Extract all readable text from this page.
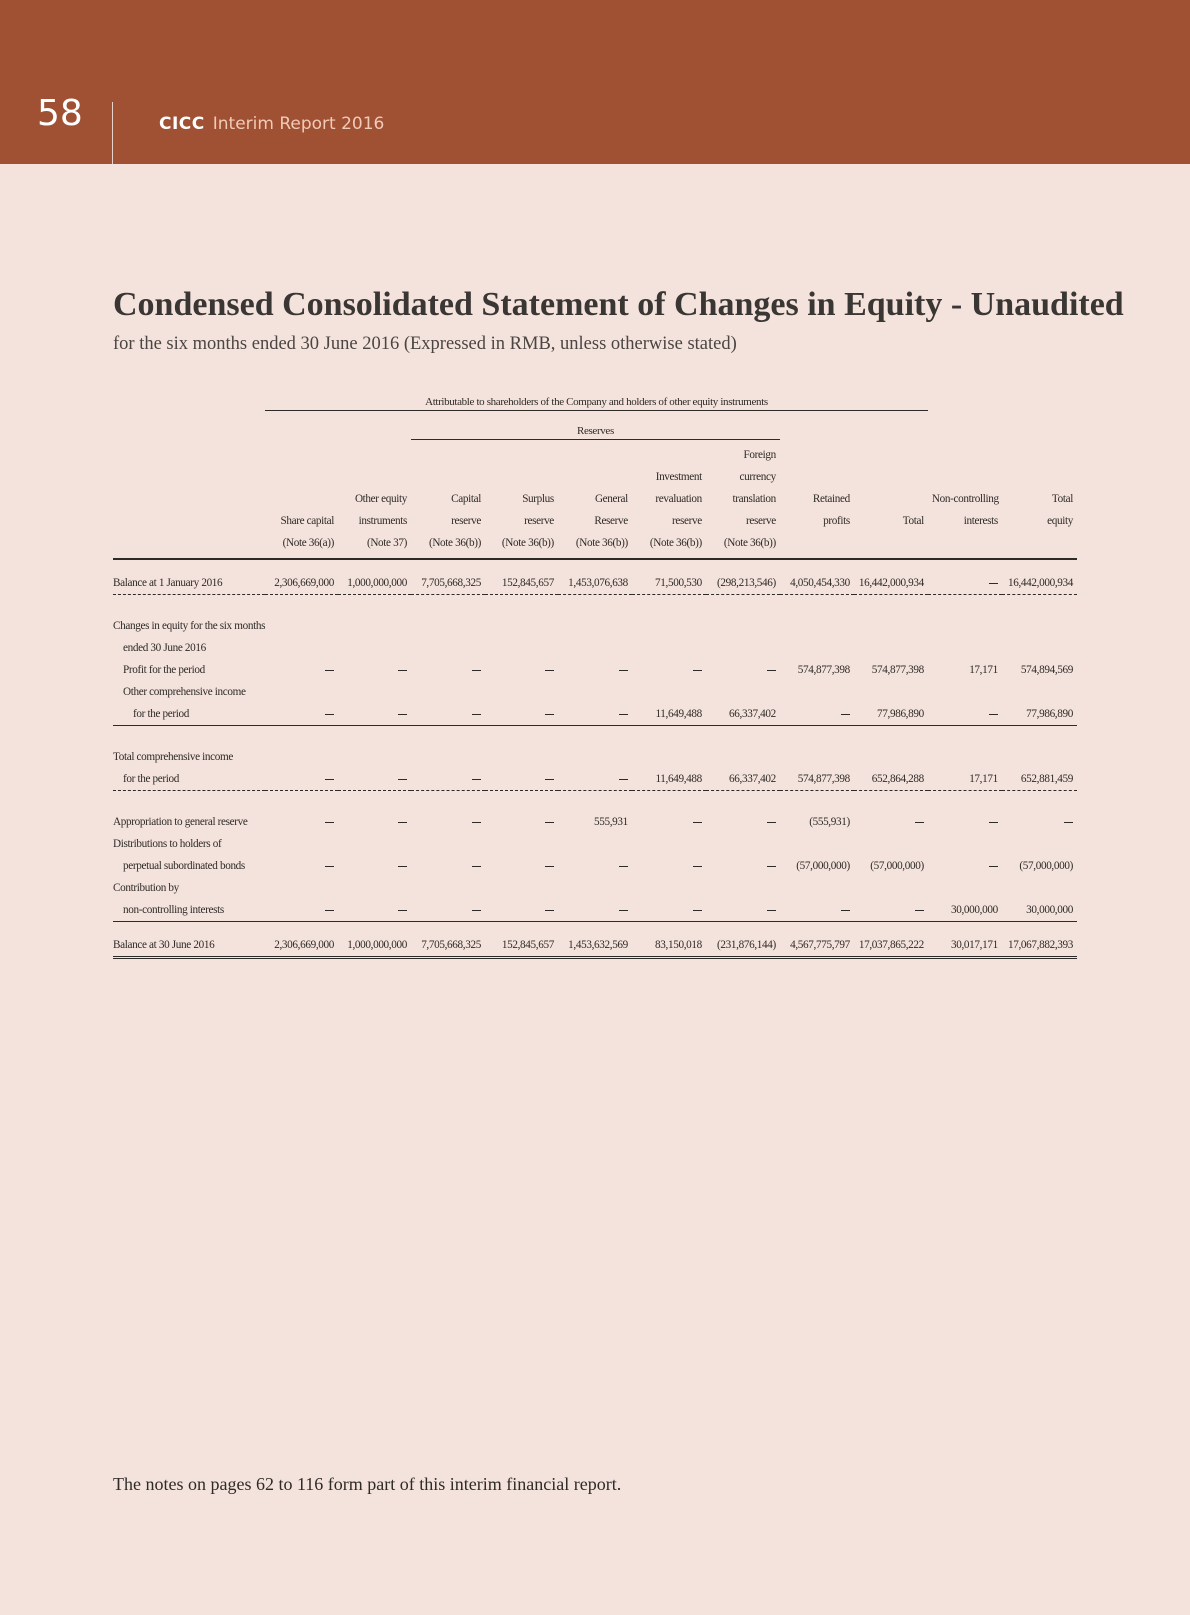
58	CICC Interim Report 2016
Condensed Consolidated Statement of Changes in Equity - Unaudited
for the six months ended 30 June 2016 (Expressed in RMB, unless otherwise stated)
	Attributable to shareholders of the Company and holders of other equity instruments										
			Reserves								
							Foreign				
						Investment	currency				
		Other equity	Capital	Surplus	General	revaluation	translation	Retained		Non-controlling	Total
	Share capital	instruments	reserve	reserve	Reserve	reserve	reserve	profits	Total	interests	equity
	(Note 36(a))	(Note 37)	(Note 36(b))	(Note 36(b))	(Note 36(b))	(Note 36(b))	(Note 36(b))				

Balance at 1 January 2016	2,306,669,000	1,000,000,000	7,705,668,325	152,845,657	1,453,076,638	71,500,530	(298,213,546)	4,050,454,330	16,442,000,934		16,442,000,934

Changes in equity for the six months											
ended 30 June 2016											
Profit for the period								574,877,398	574,877,398	17,171	574,894,569
Other comprehensive income											
for the period						11,649,488	66,337,402		77,986,890		77,986,890

Total comprehensive income											
for the period						11,649,488	66,337,402	574,877,398	652,864,288	17,171	652,881,459

Appropriation to general reserve					555,931			(555,931)			
Distributions to holders of											
perpetual subordinated bonds								(57,000,000)	(57,000,000)		(57,000,000)
Contribution by											
non-controlling interests										30,000,000	30,000,000

Balance at 30 June 2016	2,306,669,000	1,000,000,000	7,705,668,325	152,845,657	1,453,632,569	83,150,018	(231,876,144)	4,567,775,797	17,037,865,222	30,017,171	17,067,882,393
The notes on pages 62 to 116 form part of this interim financial report.
